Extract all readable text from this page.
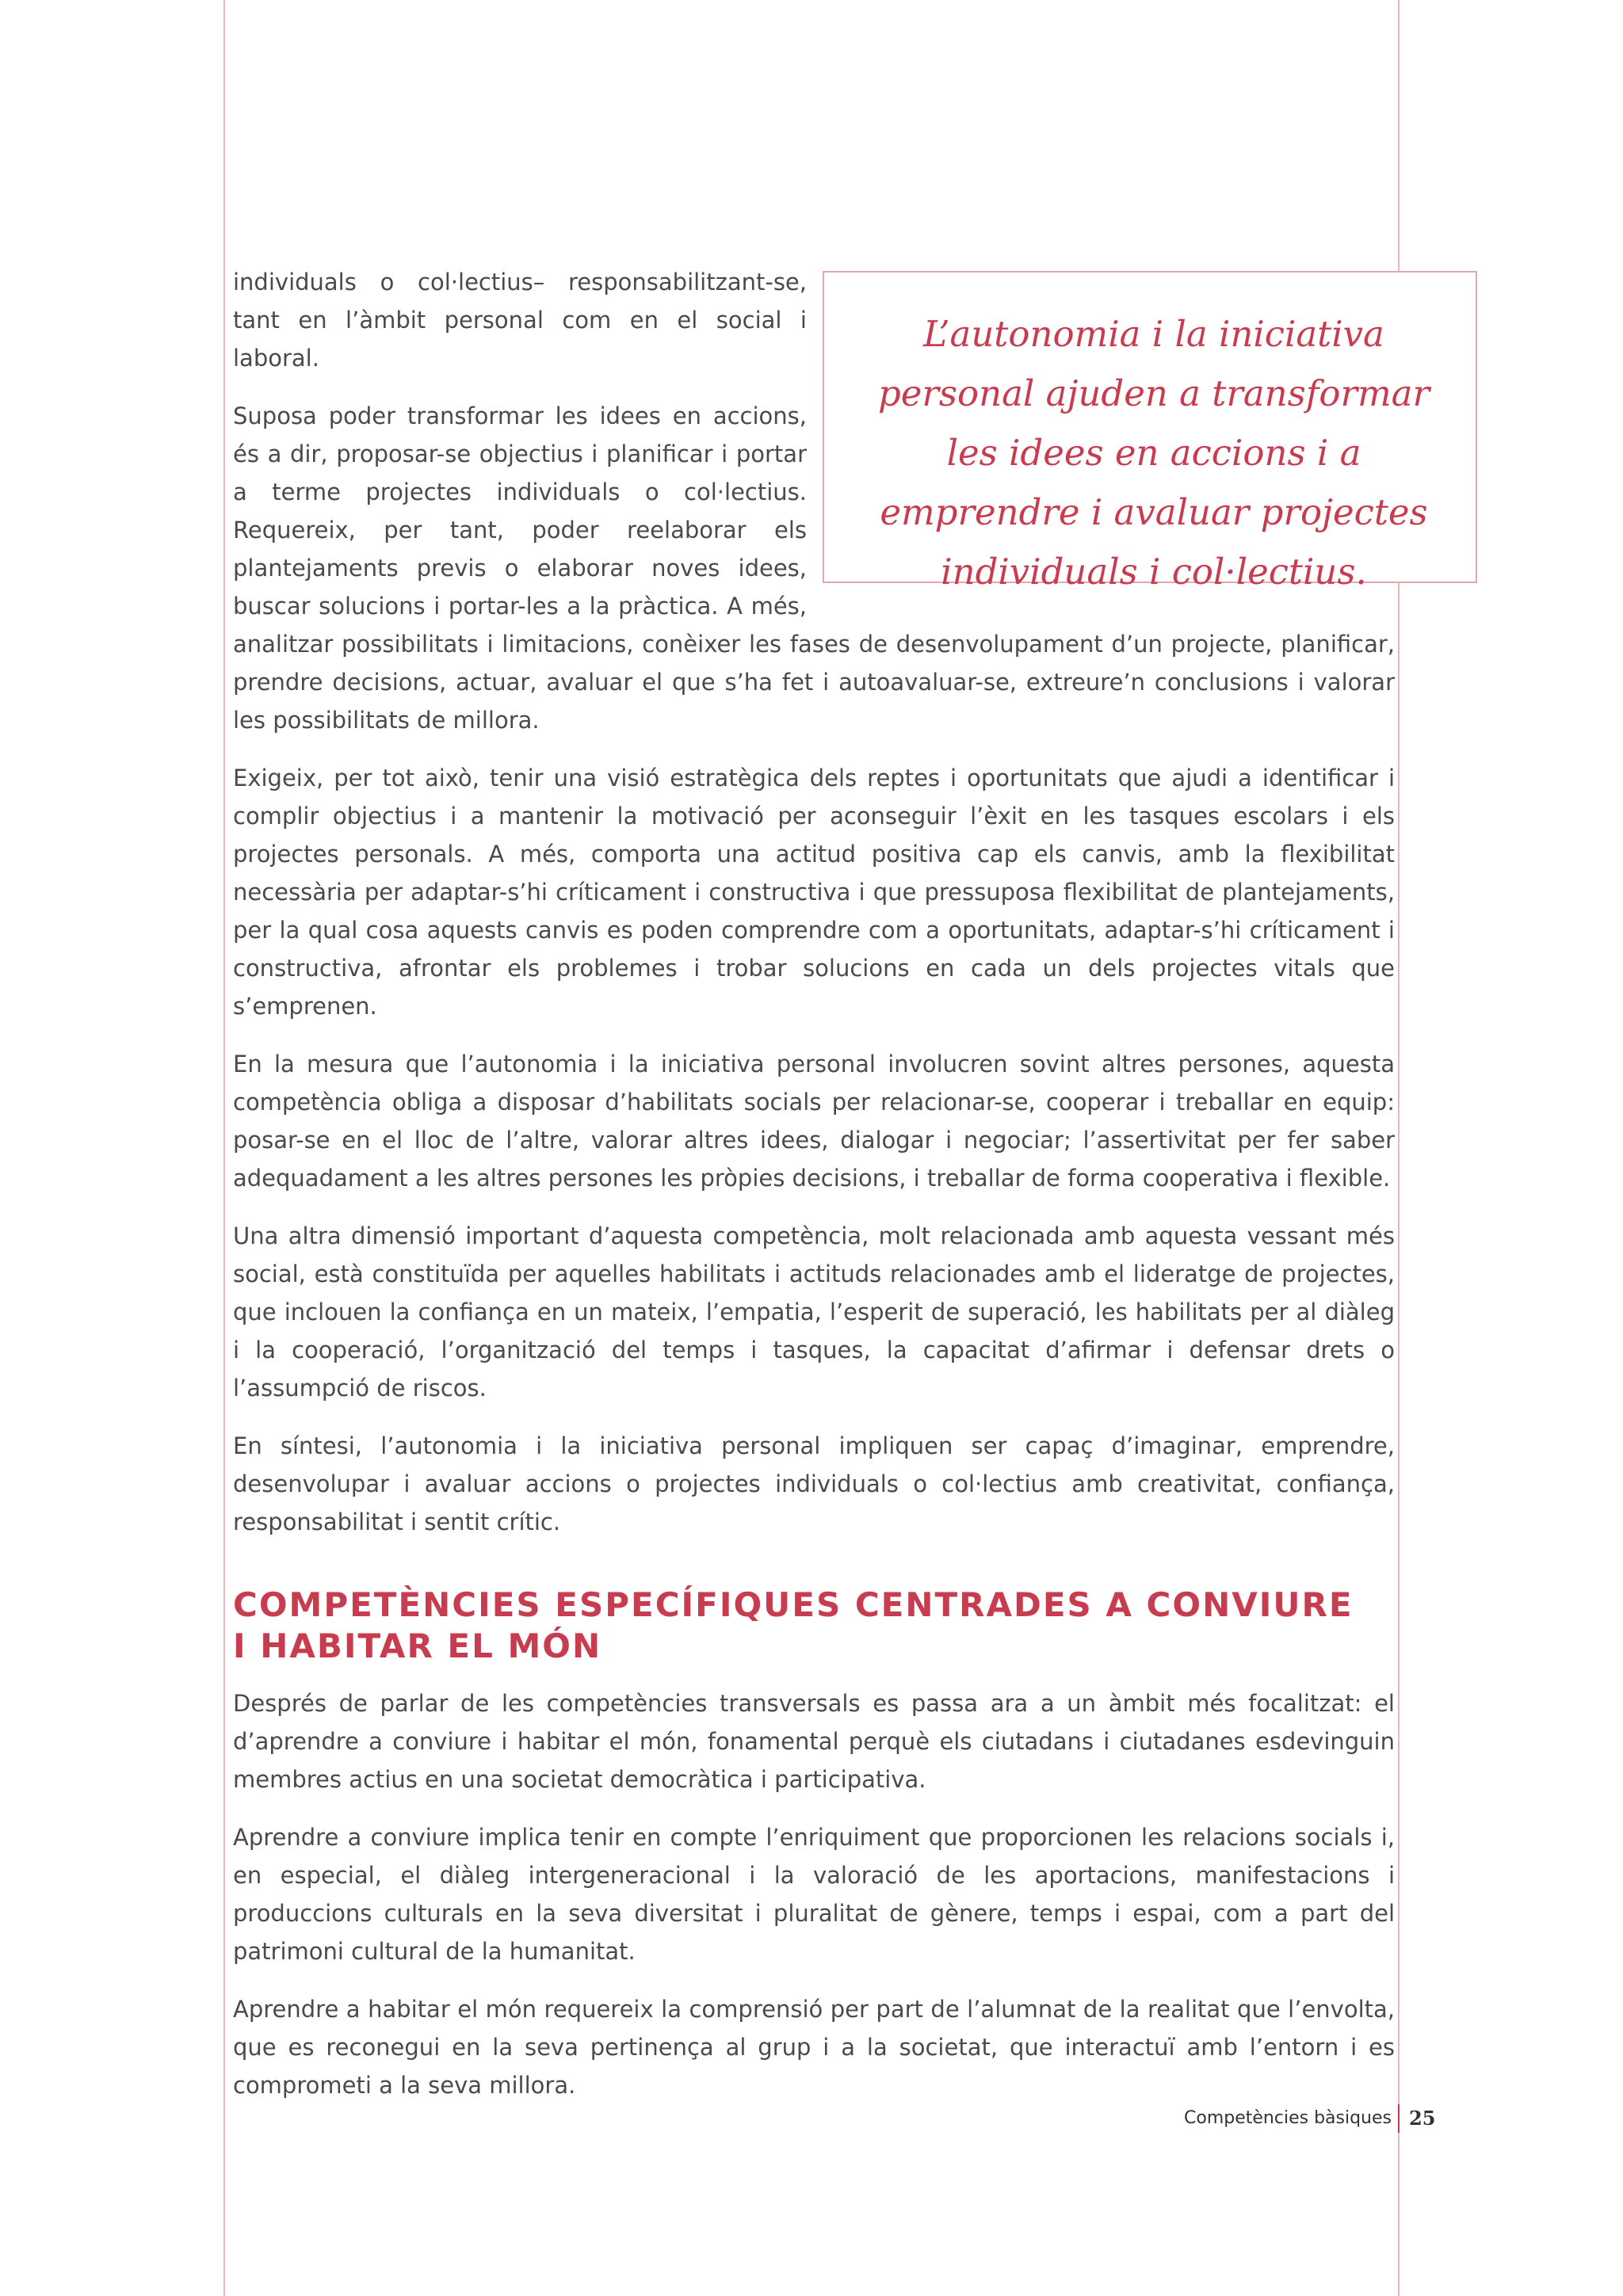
L’autonomia i la iniciativa personal ajuden a transformar les idees en accions i a emprendre i avaluar projectes individuals i col·lectius.

individuals o col·lectius– responsabilitzant-se, tant en l’àmbit personal com en el social i laboral.

Suposa poder transformar les idees en accions, és a dir, proposar-se objectius i planificar i portar a terme projectes individuals o col·lectius. Requereix, per tant, poder reelaborar els plantejaments previs o elaborar noves idees, buscar solucions i portar-les a la pràctica. A més, analitzar possibilitats i limitacions, conèixer les fases de desenvolupament d’un projecte, planificar, prendre decisions, actuar, avaluar el que s’ha fet i autoavaluar-se, extreure’n conclusions i valorar les possibilitats de millora.

Exigeix, per tot això, tenir una visió estratègica dels reptes i oportunitats que ajudi a identificar i complir objectius i a mantenir la motivació per aconseguir l’èxit en les tasques escolars i els projectes personals. A més, comporta una actitud positiva cap els canvis, amb la flexibilitat necessària per adaptar-s’hi críticament i constructiva i que pressuposa flexibilitat de plantejaments, per la qual cosa aquests canvis es poden comprendre com a oportunitats, adaptar-s’hi críticament i constructiva, afrontar els problemes i trobar solucions en cada un dels projectes vitals que s’emprenen.

En la mesura que l’autonomia i la iniciativa personal involucren sovint altres persones, aquesta competència obliga a disposar d’habilitats socials per relacionar-se, cooperar i treballar en equip: posar-se en el lloc de l’altre, valorar altres idees, dialogar i negociar; l’assertivitat per fer saber adequadament a les altres persones les pròpies decisions, i treballar de forma cooperativa i flexible.

Una altra dimensió important d’aquesta competència, molt relacionada amb aquesta vessant més social, està constituïda per aquelles habilitats i actituds relacionades amb el lideratge de projectes, que inclouen la confiança en un mateix, l’empatia, l’esperit de superació, les habilitats per al diàleg i la cooperació, l’organització del temps i tasques, la capacitat d’afirmar i defensar drets o l’assumpció de riscos.

En síntesi, l’autonomia i la iniciativa personal impliquen ser capaç d’imaginar, emprendre, desenvolupar i avaluar accions o projectes individuals o col·lectius amb creativitat, confiança, responsabilitat i sentit crític.

COMPETÈNCIES ESPECÍFIQUES CENTRADES A CONVIURE
I HABITAR EL MÓN

Després de parlar de les competències transversals es passa ara a un àmbit més focalitzat: el d’aprendre a conviure i habitar el món, fonamental perquè els ciutadans i ciutadanes esdevinguin membres actius en una societat democràtica i participativa.

Aprendre a conviure implica tenir en compte l’enriquiment que proporcionen les relacions socials i, en especial, el diàleg intergeneracional i la valoració de les aportacions, manifestacions i produccions culturals en la seva diversitat i pluralitat de gènere, temps i espai, com a part del patrimoni cultural de la humanitat.

Aprendre a habitar el món requereix la comprensió per part de l’alumnat de la realitat que l’envolta, que es reconegui en la seva pertinença al grup i a la societat, que interactuï amb l’entorn i es comprometi a la seva millora.

Competències bàsiques 25
